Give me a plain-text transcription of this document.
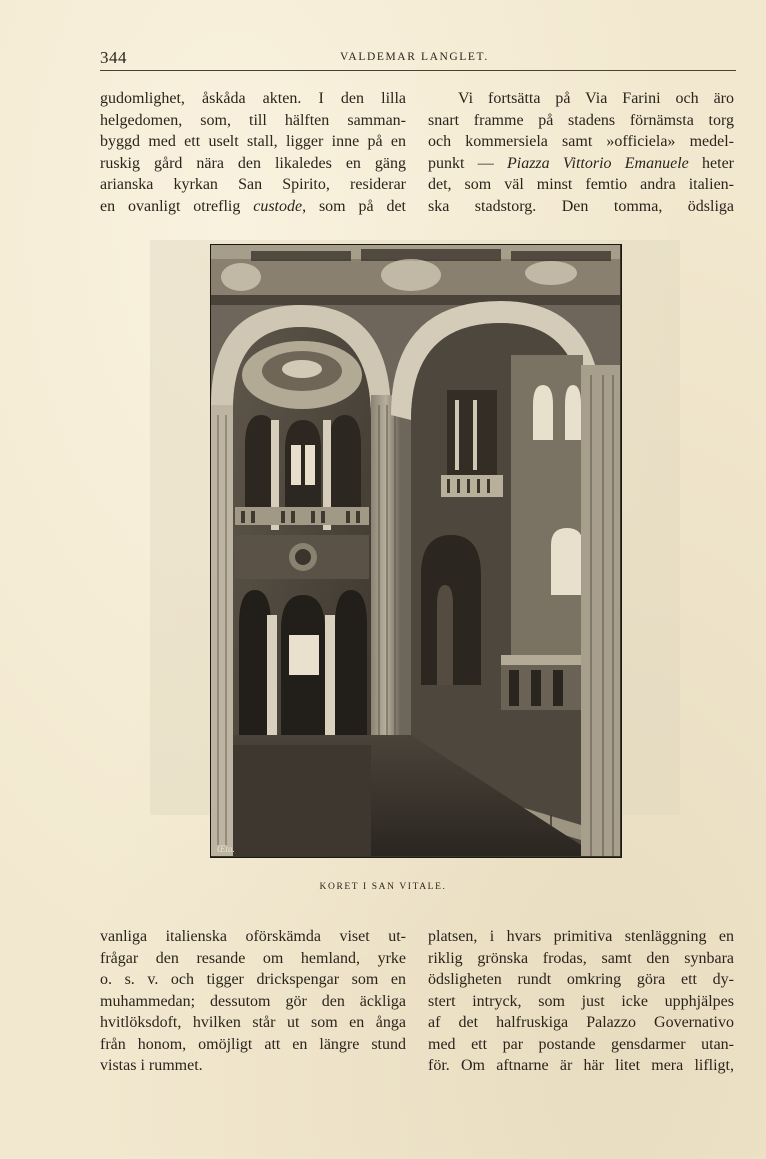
344	VALDEMAR LANGLET.
gudomlighet, åskåda akten. I den lilla
helgedomen, som, till hälften samman-
byggd med ett uselt stall, ligger inne på en
ruskig gård nära den likaledes en gäng
arianska kyrkan San Spirito, residerar
en ovanligt otreflig custode, som på det
Vi fortsätta på Via Farini och äro
snart framme på stadens förnämsta torg
och kommersiela samt »officiela» medel-
punkt — Piazza Vittorio Emanuele heter
det, som väl minst femtio andra italien-
ska stadstorg. Den tomma, ödsliga
Œta.
KORET I SAN VITALE.
vanliga italienska oförskämda viset ut-
frågar den resande om hemland, yrke
o. s. v. och tigger drickspengar som en
muhammedan; dessutom gör den äckliga
hvitlöksdoft, hvilken står ut som en ånga
från honom, omöjligt att en längre stund
vistas i rummet.
platsen, i hvars primitiva stenläggning en
riklig grönska frodas, samt den synbara
ödsligheten rundt omkring göra ett dy-
stert intryck, som just icke upphjälpes
af det halfruskiga Palazzo Governativo
med ett par postande gensdarmer utan-
för. Om aftnarne är här litet mera lifligt,
